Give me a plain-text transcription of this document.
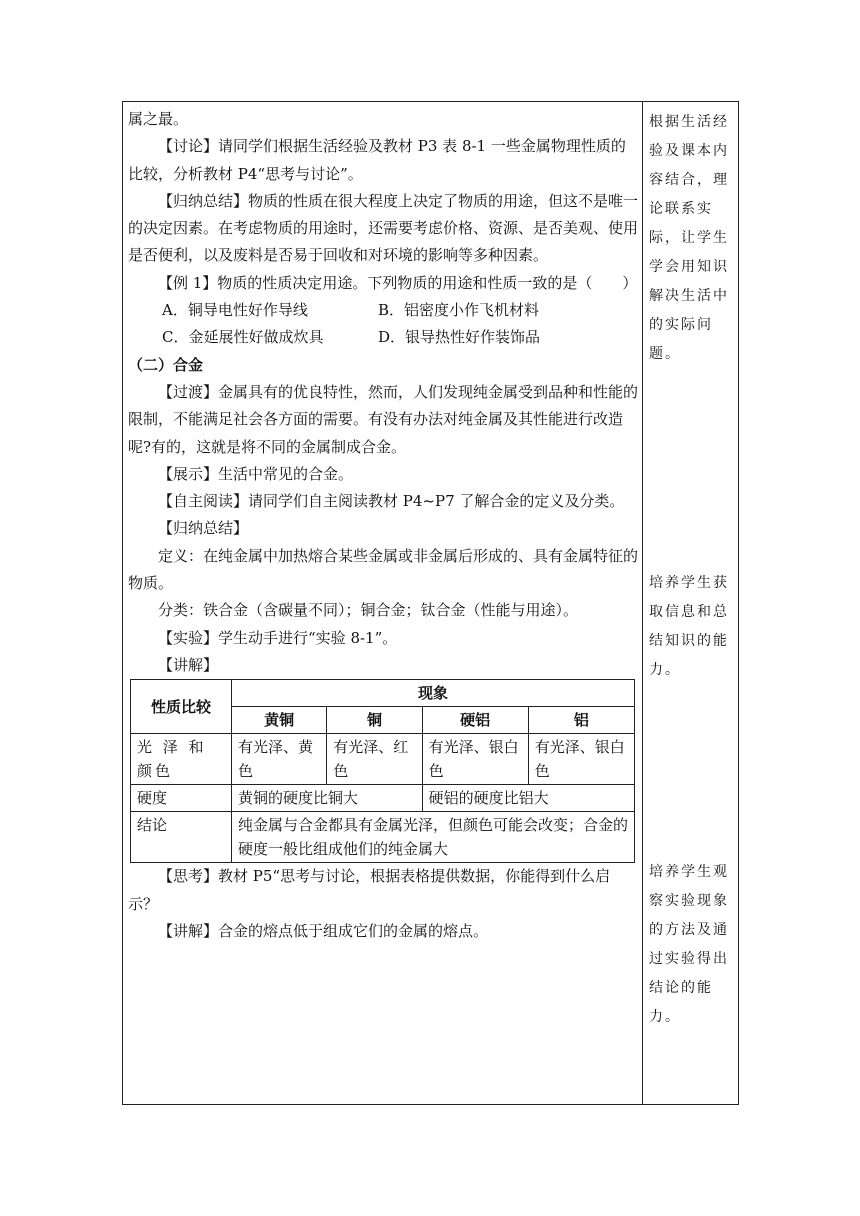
属之最。

【讨论】请同学们根据生活经验及教材 P3 表 8-1 一些金属物理性质的比较，分析教材 P4“思考与讨论”。

【归纳总结】物质的性质在很大程度上决定了物质的用途，但这不是唯一的决定因素。在考虑物质的用途时，还需要考虑价格、资源、是否美观、使用是否便利，以及废料是否易于回收和对环境的影响等多种因素。

【例 1】物质的性质决定用途。下列物质的用途和性质一致的是（　　）

A．铜导电性好作导线	B．铝密度小作飞机材料
C．金延展性好做成炊具	D．银导热性好作装饰品

（二）合金

【过渡】金属具有的优良特性，然而，人们发现纯金属受到品种和性能的限制，不能满足社会各方面的需要。有没有办法对纯金属及其性能进行改造呢?有的，这就是将不同的金属制成合金。

【展示】生活中常见的合金。

【自主阅读】请同学们自主阅读教材 P4~P7 了解合金的定义及分类。

【归纳总结】

定义：在纯金属中加热熔合某些金属或非金属后形成的、具有金属特征的物质。

分类：铁合金（含碳量不同）；铜合金；钛合金（性能与用途）。

【实验】学生动手进行“实验 8-1”。

【讲解】

性质比较	现象			
	黄铜	铜	硬铝	铝
光 泽 和 颜色	有光泽、黄色	有光泽、红色	有光泽、银白色	有光泽、银白色
硬度	黄铜的硬度比铜大		硬铝的硬度比铝大	
结论	纯金属与合金都具有金属光泽，但颜色可能会改变；合金的硬度一般比组成他们的纯金属大			

【思考】教材 P5“思考与讨论，根据表格提供数据，你能得到什么启示？

【讲解】合金的熔点低于组成它们的金属的熔点。

根据生活经验及课本内容结合，理论联系实际，让学生学会用知识解决生活中的实际问题。
培养学生获取信息和总结知识的能力。
培养学生观察实验现象的方法及通过实验得出结论的能力。
